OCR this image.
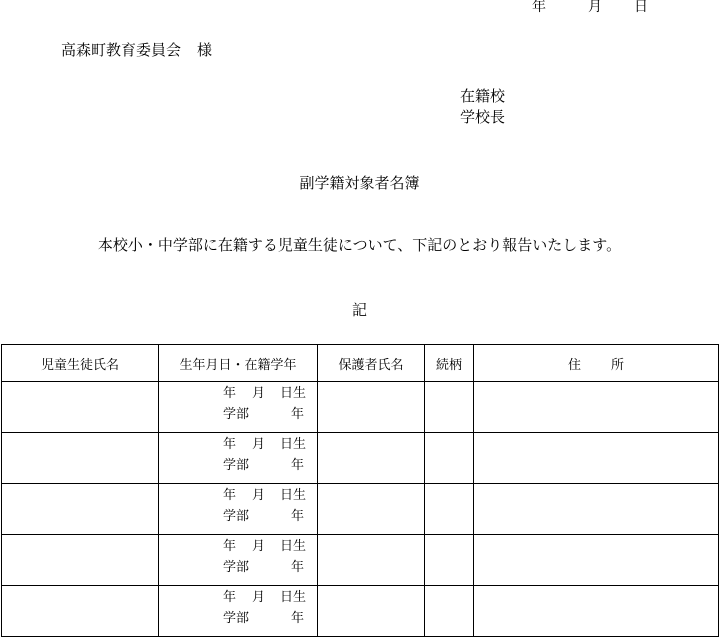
年	月 日
高森町教育委員会 様
在籍校
学校長
副学籍対象者名簿
本校小・中学部に在籍する児童生徒について、下記のとおり報告いたします。
記
児童生徒氏名	生年月日・在籍学年	保護者氏名	続柄	住 所

	年 月 日生
学部 年			

	年 月 日生
学部 年			

	年 月 日生
学部 年			

	年 月 日生
学部 年			

	年 月 日生
学部 年			
